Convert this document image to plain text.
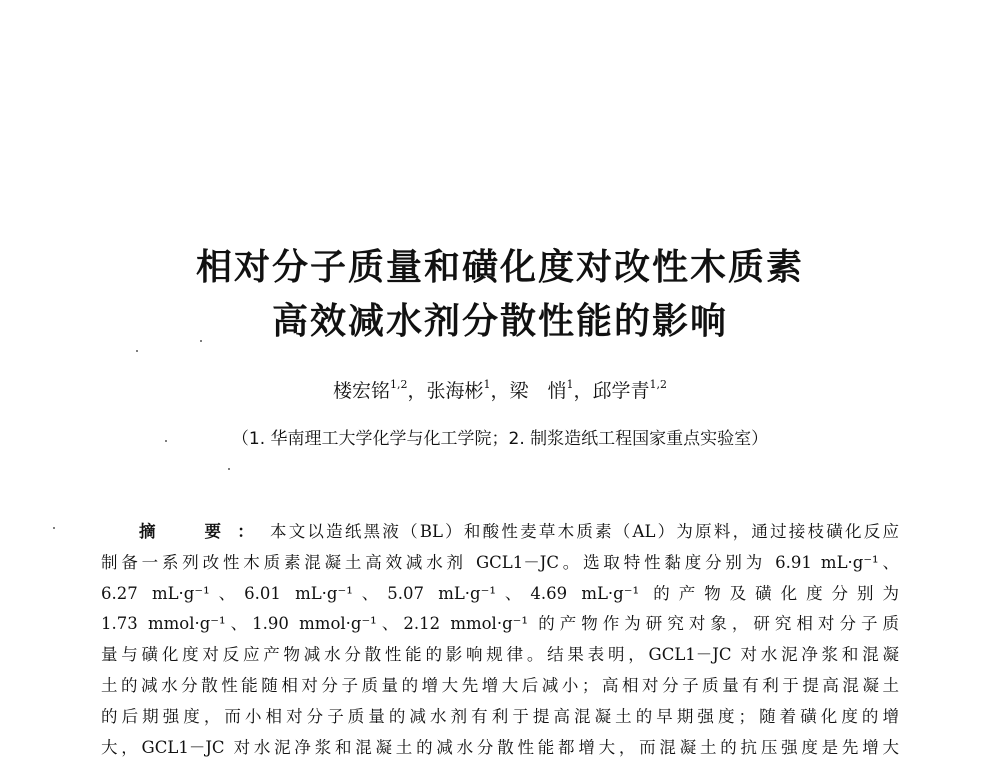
相对分子质量和磺化度对改性木质素
高效减水剂分散性能的影响
楼宏铭$^{1,2}$，张海彬$^1$，梁　悄$^1$，邱学青$^{1,2}$
（1. 华南理工大学化学与化工学院；2. 制浆造纸工程国家重点实验室）
摘　要：本文以造纸黑液（BL）和酸性麦草木质素（AL）为原料，通过接枝磺化反应
制备一系列改性木质素混凝土高效减水剂 GCL1－JC。选取特性黏度分别为 6.91 mL·g⁻¹、
6.27 mL·g⁻¹、6.01 mL·g⁻¹、5.07 mL·g⁻¹、4.69 mL·g⁻¹ 的产物及磺化度分别为
1.73 mmol·g⁻¹、1.90 mmol·g⁻¹、2.12 mmol·g⁻¹ 的产物作为研究对象，研究相对分子质
量与磺化度对反应产物减水分散性能的影响规律。结果表明，GCL1－JC 对水泥净浆和混凝
土的减水分散性能随相对分子质量的增大先增大后减小；高相对分子质量有利于提高混凝土
的后期强度，而小相对分子质量的减水剂有利于提高混凝土的早期强度；随着磺化度的增
大，GCL1－JC 对水泥净浆和混凝土的减水分散性能都增大，而混凝土的抗压强度是先增大
